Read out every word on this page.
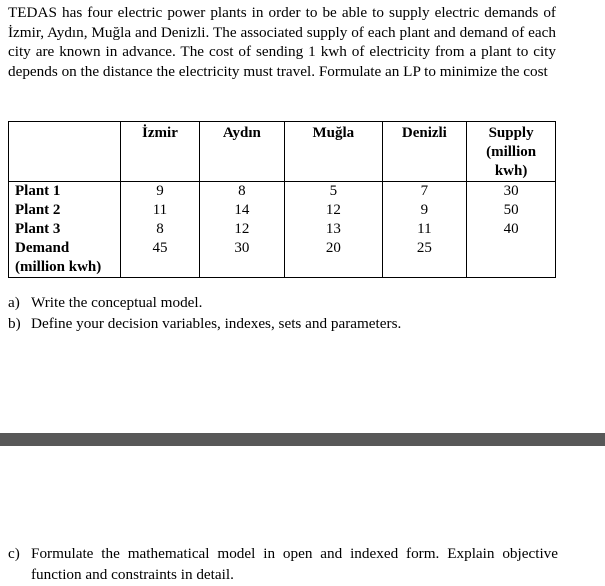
TEDAS has four electric power plants in order to be able to supply electric demands of İzmir, Aydın, Muğla and Denizli. The associated supply of each plant and demand of each city are known in advance. The cost of sending 1 kwh of electricity from a plant to city depends on the distance the electricity must travel. Formulate an LP to minimize the cost

	İzmir	Aydın	Muğla	Denizli	Supply (million kwh)
Plant 1	9	8	5	7	30
Plant 2	11	14	12	9	50
Plant 3	8	12	13	11	40
Demand (million kwh)	45	30	20	25	
a) Write the conceptual model.
b) Define your decision variables, indexes, sets and parameters.
c) Formulate the mathematical model in open and indexed form. Explain objective function and constraints in detail.
